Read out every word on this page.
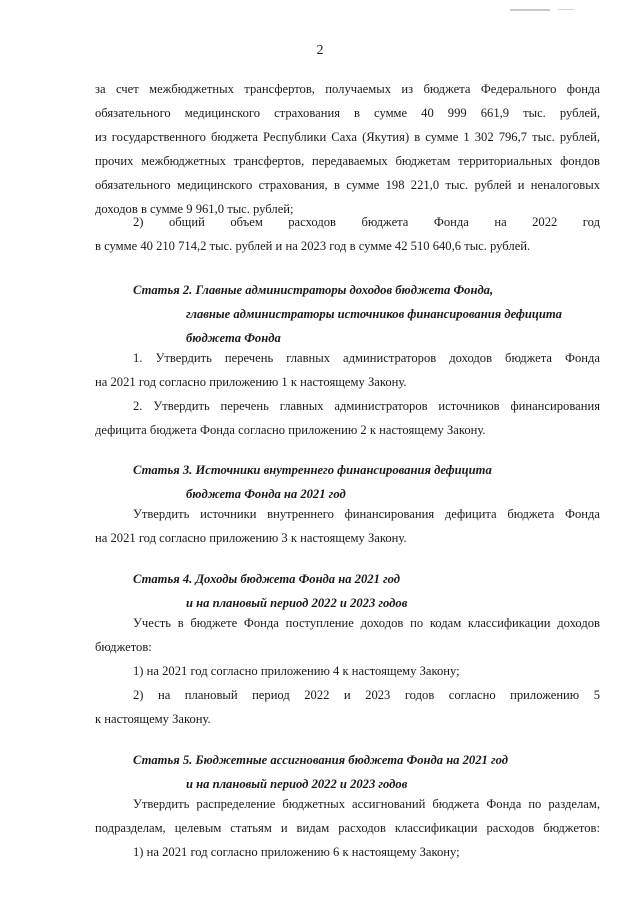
2
за счет межбюджетных трансфертов, получаемых из бюджета Федерального фонда
обязательного медицинского страхования в сумме 40 999 661,9 тыс. рублей,
из государственного бюджета Республики Саха (Якутия) в сумме 1 302 796,7 тыс. рублей,
прочих межбюджетных трансфертов, передаваемых бюджетам территориальных фондов
обязательного медицинского страхования, в сумме 198 221,0 тыс. рублей и неналоговых
доходов в сумме 9 961,0 тыс. рублей;
2) общий объем расходов бюджета Фонда на 2022 год
в сумме 40 210 714,2 тыс. рублей и на 2023 год в сумме 42 510 640,6 тыс. рублей.
Статья 2. Главные администраторы доходов бюджета Фонда,
главные администраторы источников финансирования дефицита
бюджета Фонда
1. Утвердить перечень главных администраторов доходов бюджета Фонда
на 2021 год согласно приложению 1 к настоящему Закону.
2. Утвердить перечень главных администраторов источников финансирования
дефицита бюджета Фонда согласно приложению 2 к настоящему Закону.
Статья 3. Источники внутреннего финансирования дефицита
бюджета Фонда на 2021 год
Утвердить источники внутреннего финансирования дефицита бюджета Фонда
на 2021 год согласно приложению 3 к настоящему Закону.
Статья 4. Доходы бюджета Фонда на 2021 год
и на плановый период 2022 и 2023 годов
Учесть в бюджете Фонда поступление доходов по кодам классификации доходов
бюджетов:
1) на 2021 год согласно приложению 4 к настоящему Закону;
2) на плановый период 2022 и 2023 годов согласно приложению 5
к настоящему Закону.
Статья 5. Бюджетные ассигнования бюджета Фонда на 2021 год
и на плановый период 2022 и 2023 годов
Утвердить распределение бюджетных ассигнований бюджета Фонда по разделам,
подразделам, целевым статьям и видам расходов классификации расходов бюджетов:
1) на 2021 год согласно приложению 6 к настоящему Закону;
